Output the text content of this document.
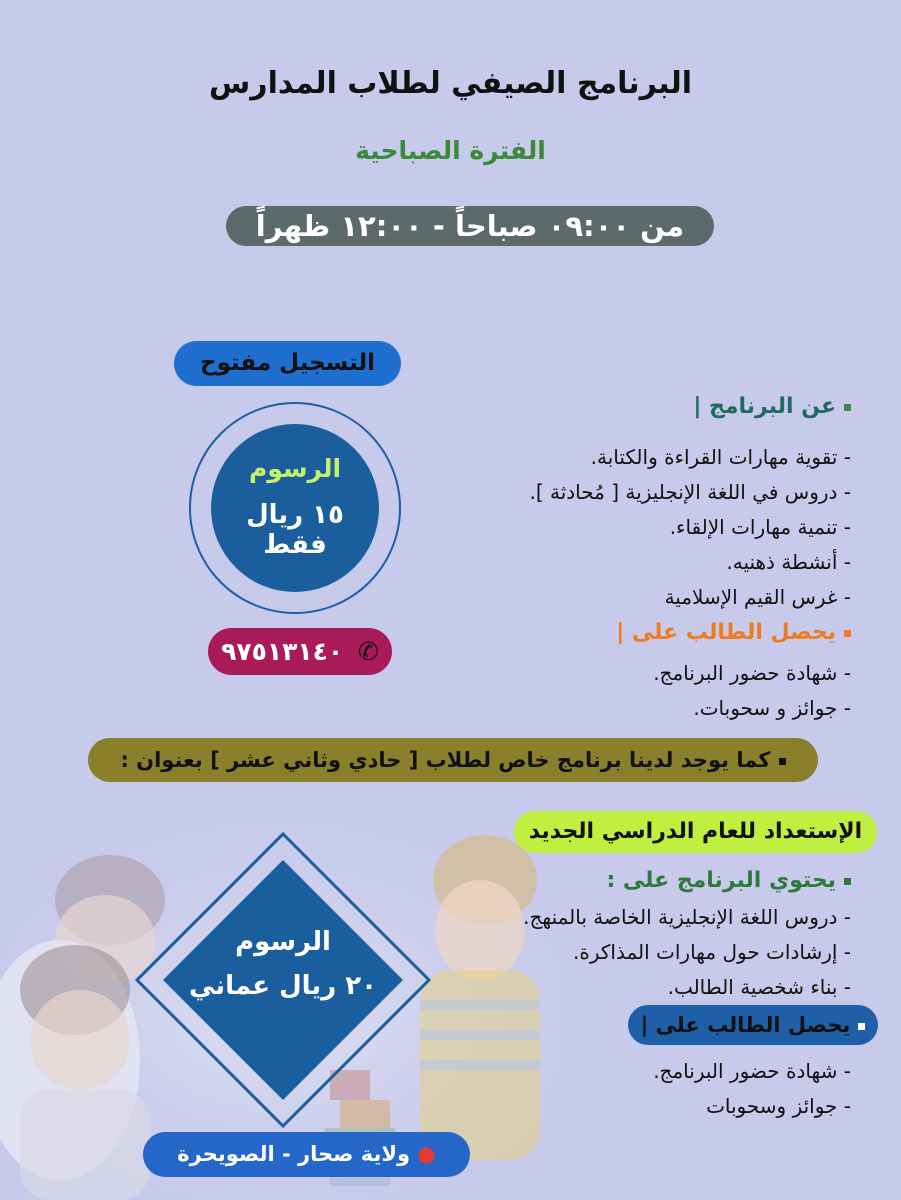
البرنامج الصيفي لطلاب المدارس
الفترة الصباحية
من ٠٩:٠٠ صباحاً - ١٢:٠٠ ظهراً
التسجيل مفتوح
الرسوم
١٥ ريال فقط
٩٧٥١٣١٤٠ ✆
عن البرنامج |
- تقوية مهارات القراءة والكتابة.
- دروس في اللغة الإنجليزية [ مُحادثة ].
- تنمية مهارات الإلقاء.
- أنشطة ذهنيه.
- غرس القيم الإسلامية
يحصل الطالب على |
- شهادة حضور البرنامج.
- جوائز و سحوبات.
كما يوجد لدينا برنامج خاص لطلاب [ حادي وثاني عشر ] بعنوان :
الإستعداد للعام الدراسي الجديد
يحتوي البرنامج على :
- دروس اللغة الإنجليزية الخاصة بالمنهج.
- إرشادات حول مهارات المذاكرة.
- بناء شخصية الطالب.
يحصل الطالب على |
- شهادة حضور البرنامج.
- جوائز وسحوبات
الرسوم
٢٠ ريال عماني
● ولاية صحار - الصويحرة
